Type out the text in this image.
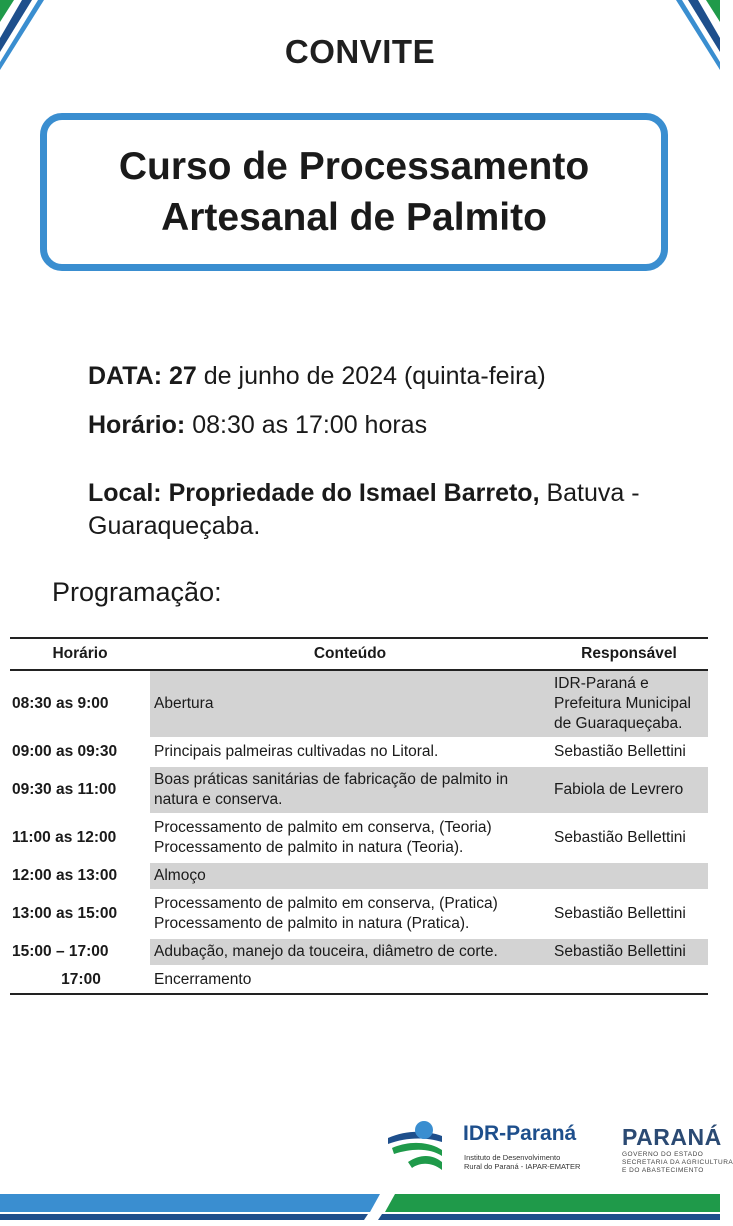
CONVITE
Curso de Processamento
Artesanal de Palmito
DATA: 27 de junho de 2024 (quinta-feira)
Horário: 08:30 as 17:00 horas
Local: Propriedade do Ismael Barreto, Batuva - Guaraqueçaba.
Programação:
Horário	Conteúdo	Responsável
08:30 as 9:00	Abertura	IDR-Paraná e
Prefeitura Municipal
de Guaraqueçaba.

09:00 as 09:30	Principais palmeiras cultivadas no Litoral.	Sebastião Bellettini

09:30 as 11:00	Boas práticas sanitárias de fabricação de palmito in
natura e conserva.	Fabiola de Levrero

11:00 as 12:00	Processamento de palmito em conserva, (Teoria)
Processamento de palmito in natura (Teoria).	Sebastião Bellettini

12:00 as 13:00	Almoço	

13:00 as 15:00	Processamento de palmito em conserva, (Pratica)
Processamento de palmito in natura (Pratica).	Sebastião Bellettini

15:00 – 17:00	Adubação, manejo da touceira, diâmetro de corte.	Sebastião Bellettini

17:00	Encerramento	

IDR-Paraná
Instituto de Desenvolvimento
Rural do Paraná - IAPAR-EMATER
PARANÁ
GOVERNO DO ESTADO
SECRETARIA DA AGRICULTURA
E DO ABASTECIMENTO
